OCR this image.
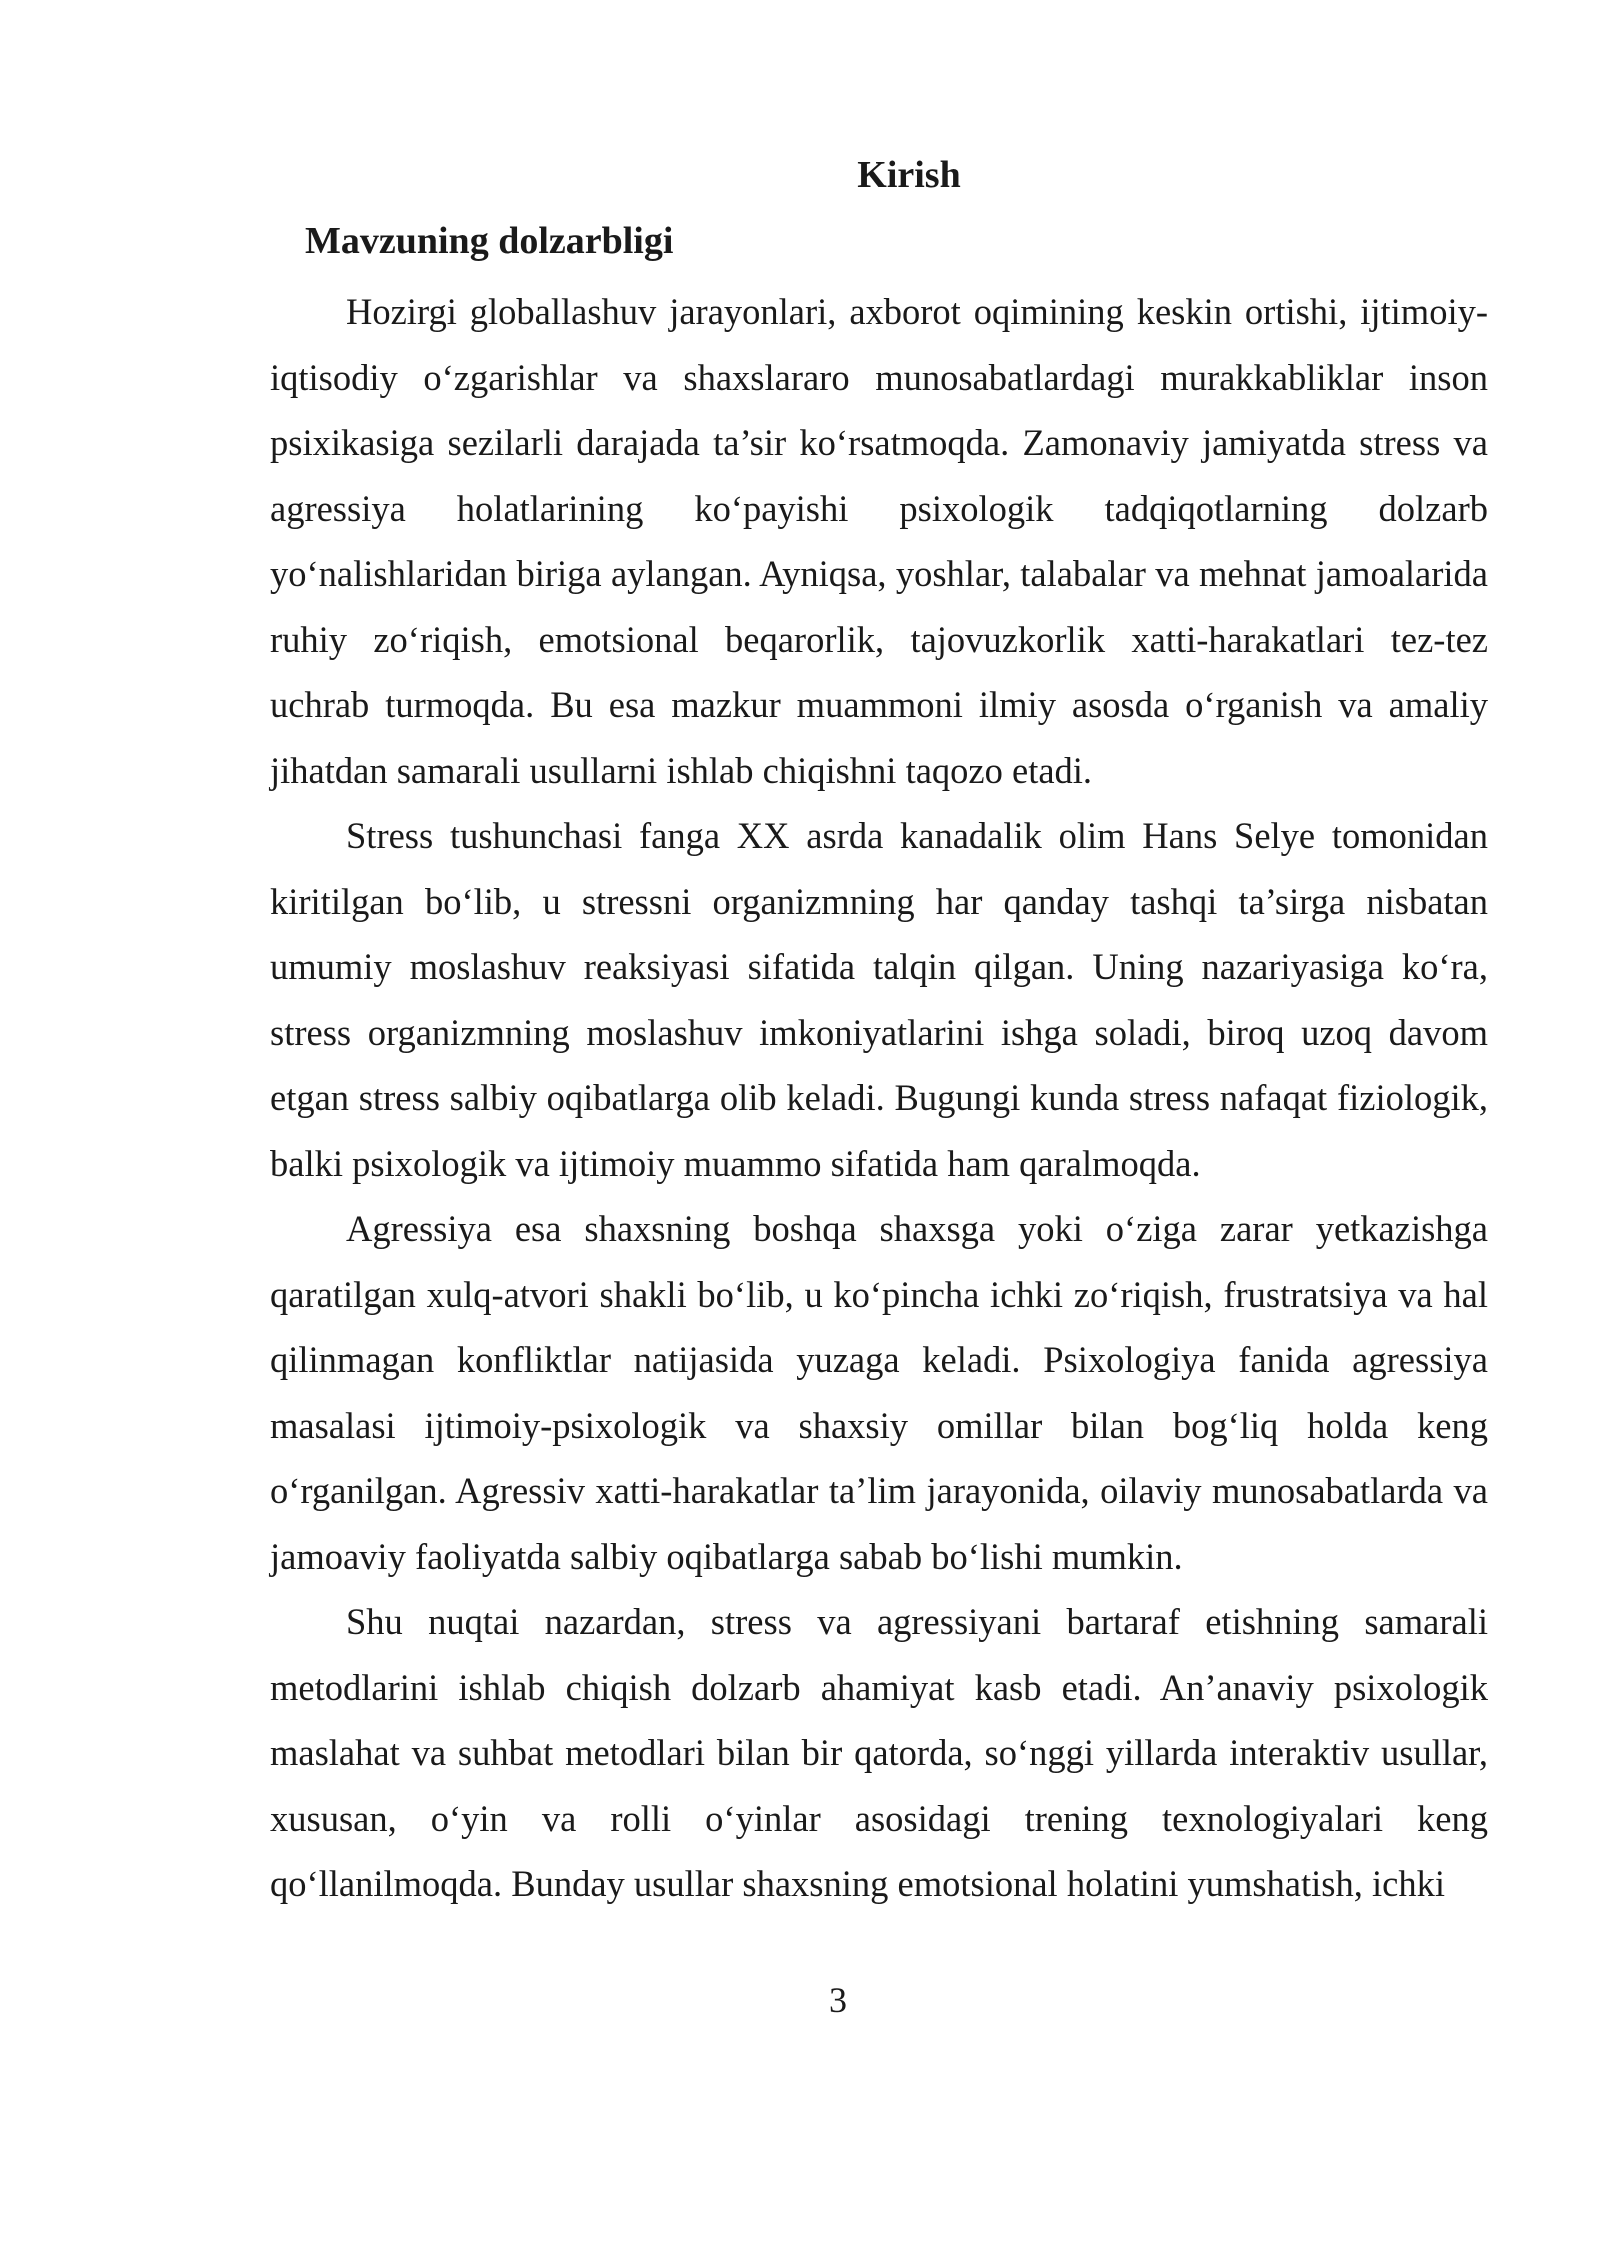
Kirish
Mavzuning dolzarbligi

Hozirgi globallashuv jarayonlari, axborot oqimining keskin ortishi, ijtimoiy-iqtisodiy o‘zgarishlar va shaxslararo munosabatlardagi murakkabliklar inson psixikasiga sezilarli darajada ta’sir ko‘rsatmoqda. Zamonaviy jamiyatda stress va agressiya holatlarining ko‘payishi psixologik tadqiqotlarning dolzarb yo‘nalishlaridan biriga aylangan. Ayniqsa, yoshlar, talabalar va mehnat jamoalarida ruhiy zo‘riqish, emotsional beqarorlik, tajovuzkorlik xatti-harakatlari tez-tez uchrab turmoqda. Bu esa mazkur muammoni ilmiy asosda o‘rganish va amaliy jihatdan samarali usullarni ishlab chiqishni taqozo etadi.

Stress tushunchasi fanga XX asrda kanadalik olim Hans Selye tomonidan kiritilgan bo‘lib, u stressni organizmning har qanday tashqi ta’sirga nisbatan umumiy moslashuv reaksiyasi sifatida talqin qilgan. Uning nazariyasiga ko‘ra, stress organizmning moslashuv imkoniyatlarini ishga soladi, biroq uzoq davom etgan stress salbiy oqibatlarga olib keladi. Bugungi kunda stress nafaqat fiziologik, balki psixologik va ijtimoiy muammo sifatida ham qaralmoqda.

Agressiya esa shaxsning boshqa shaxsga yoki o‘ziga zarar yetkazishga qaratilgan xulq-atvori shakli bo‘lib, u ko‘pincha ichki zo‘riqish, frustratsiya va hal qilinmagan konfliktlar natijasida yuzaga keladi. Psixologiya fanida agressiya masalasi ijtimoiy-psixologik va shaxsiy omillar bilan bog‘liq holda keng o‘rganilgan. Agressiv xatti-harakatlar ta’lim jarayonida, oilaviy munosabatlarda va jamoaviy faoliyatda salbiy oqibatlarga sabab bo‘lishi mumkin.

Shu nuqtai nazardan, stress va agressiyani bartaraf etishning samarali metodlarini ishlab chiqish dolzarb ahamiyat kasb etadi. An’anaviy psixologik maslahat va suhbat metodlari bilan bir qatorda, so‘nggi yillarda interaktiv usullar, xususan, o‘yin va rolli o‘yinlar asosidagi trening texnologiyalari keng qo‘llanilmoqda. Bunday usullar shaxsning emotsional holatini yumshatish, ichki

3
